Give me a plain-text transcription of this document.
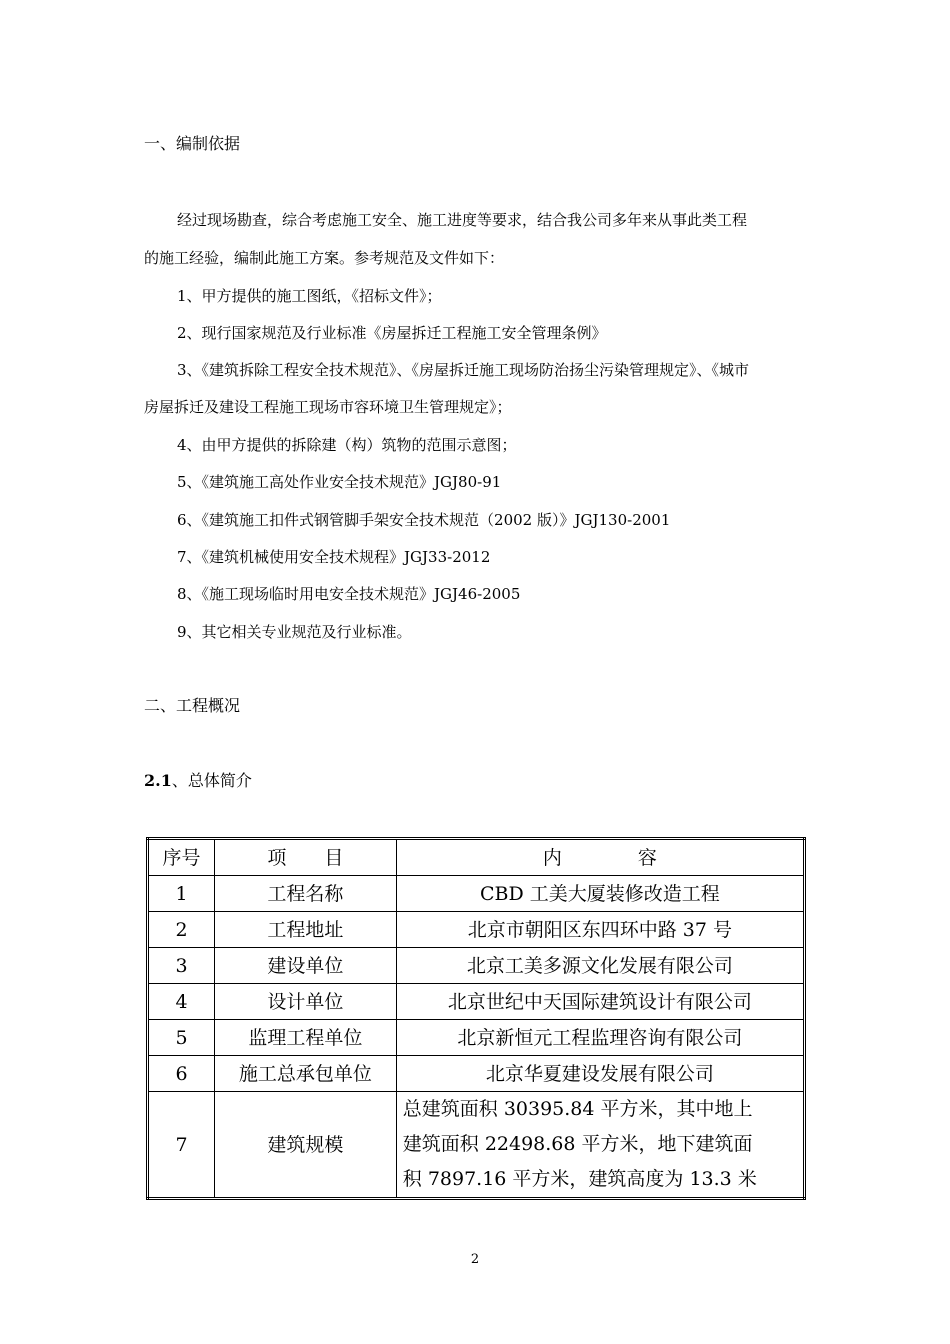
一、编制依据
经过现场勘查，综合考虑施工安全、施工进度等要求，结合我公司多年来从事此类工程
的施工经验，编制此施工方案。参考规范及文件如下：
1、甲方提供的施工图纸，《招标文件》；
2、现行国家规范及行业标准《房屋拆迁工程施工安全管理条例》
3、《建筑拆除工程安全技术规范》、《房屋拆迁施工现场防治扬尘污染管理规定》、《城市
房屋拆迁及建设工程施工现场市容环境卫生管理规定》；
4、由甲方提供的拆除建（构）筑物的范围示意图；
5、《建筑施工高处作业安全技术规范》JGJ80-91
6、《建筑施工扣件式钢管脚手架安全技术规范（2002 版）》JGJ130-2001
7、《建筑机械使用安全技术规程》JGJ33-2012
8、《施工现场临时用电安全技术规范》JGJ46-2005
9、其它相关专业规范及行业标准。
二、工程概况
2.1、总体简介
序号	项　　目	内　　　　容
1	工程名称	CBD 工美大厦装修改造工程
2	工程地址	北京市朝阳区东四环中路 37 号
3	建设单位	北京工美多源文化发展有限公司
4	设计单位	北京世纪中天国际建筑设计有限公司
5	监理工程单位	北京新恒元工程监理咨询有限公司
6	施工总承包单位	北京华夏建设发展有限公司
7	建筑规模	总建筑面积 30395.84 平方米，其中地上
建筑面积 22498.68 平方米，地下建筑面
积 7897.16 平方米，建筑高度为 13.3 米
2
